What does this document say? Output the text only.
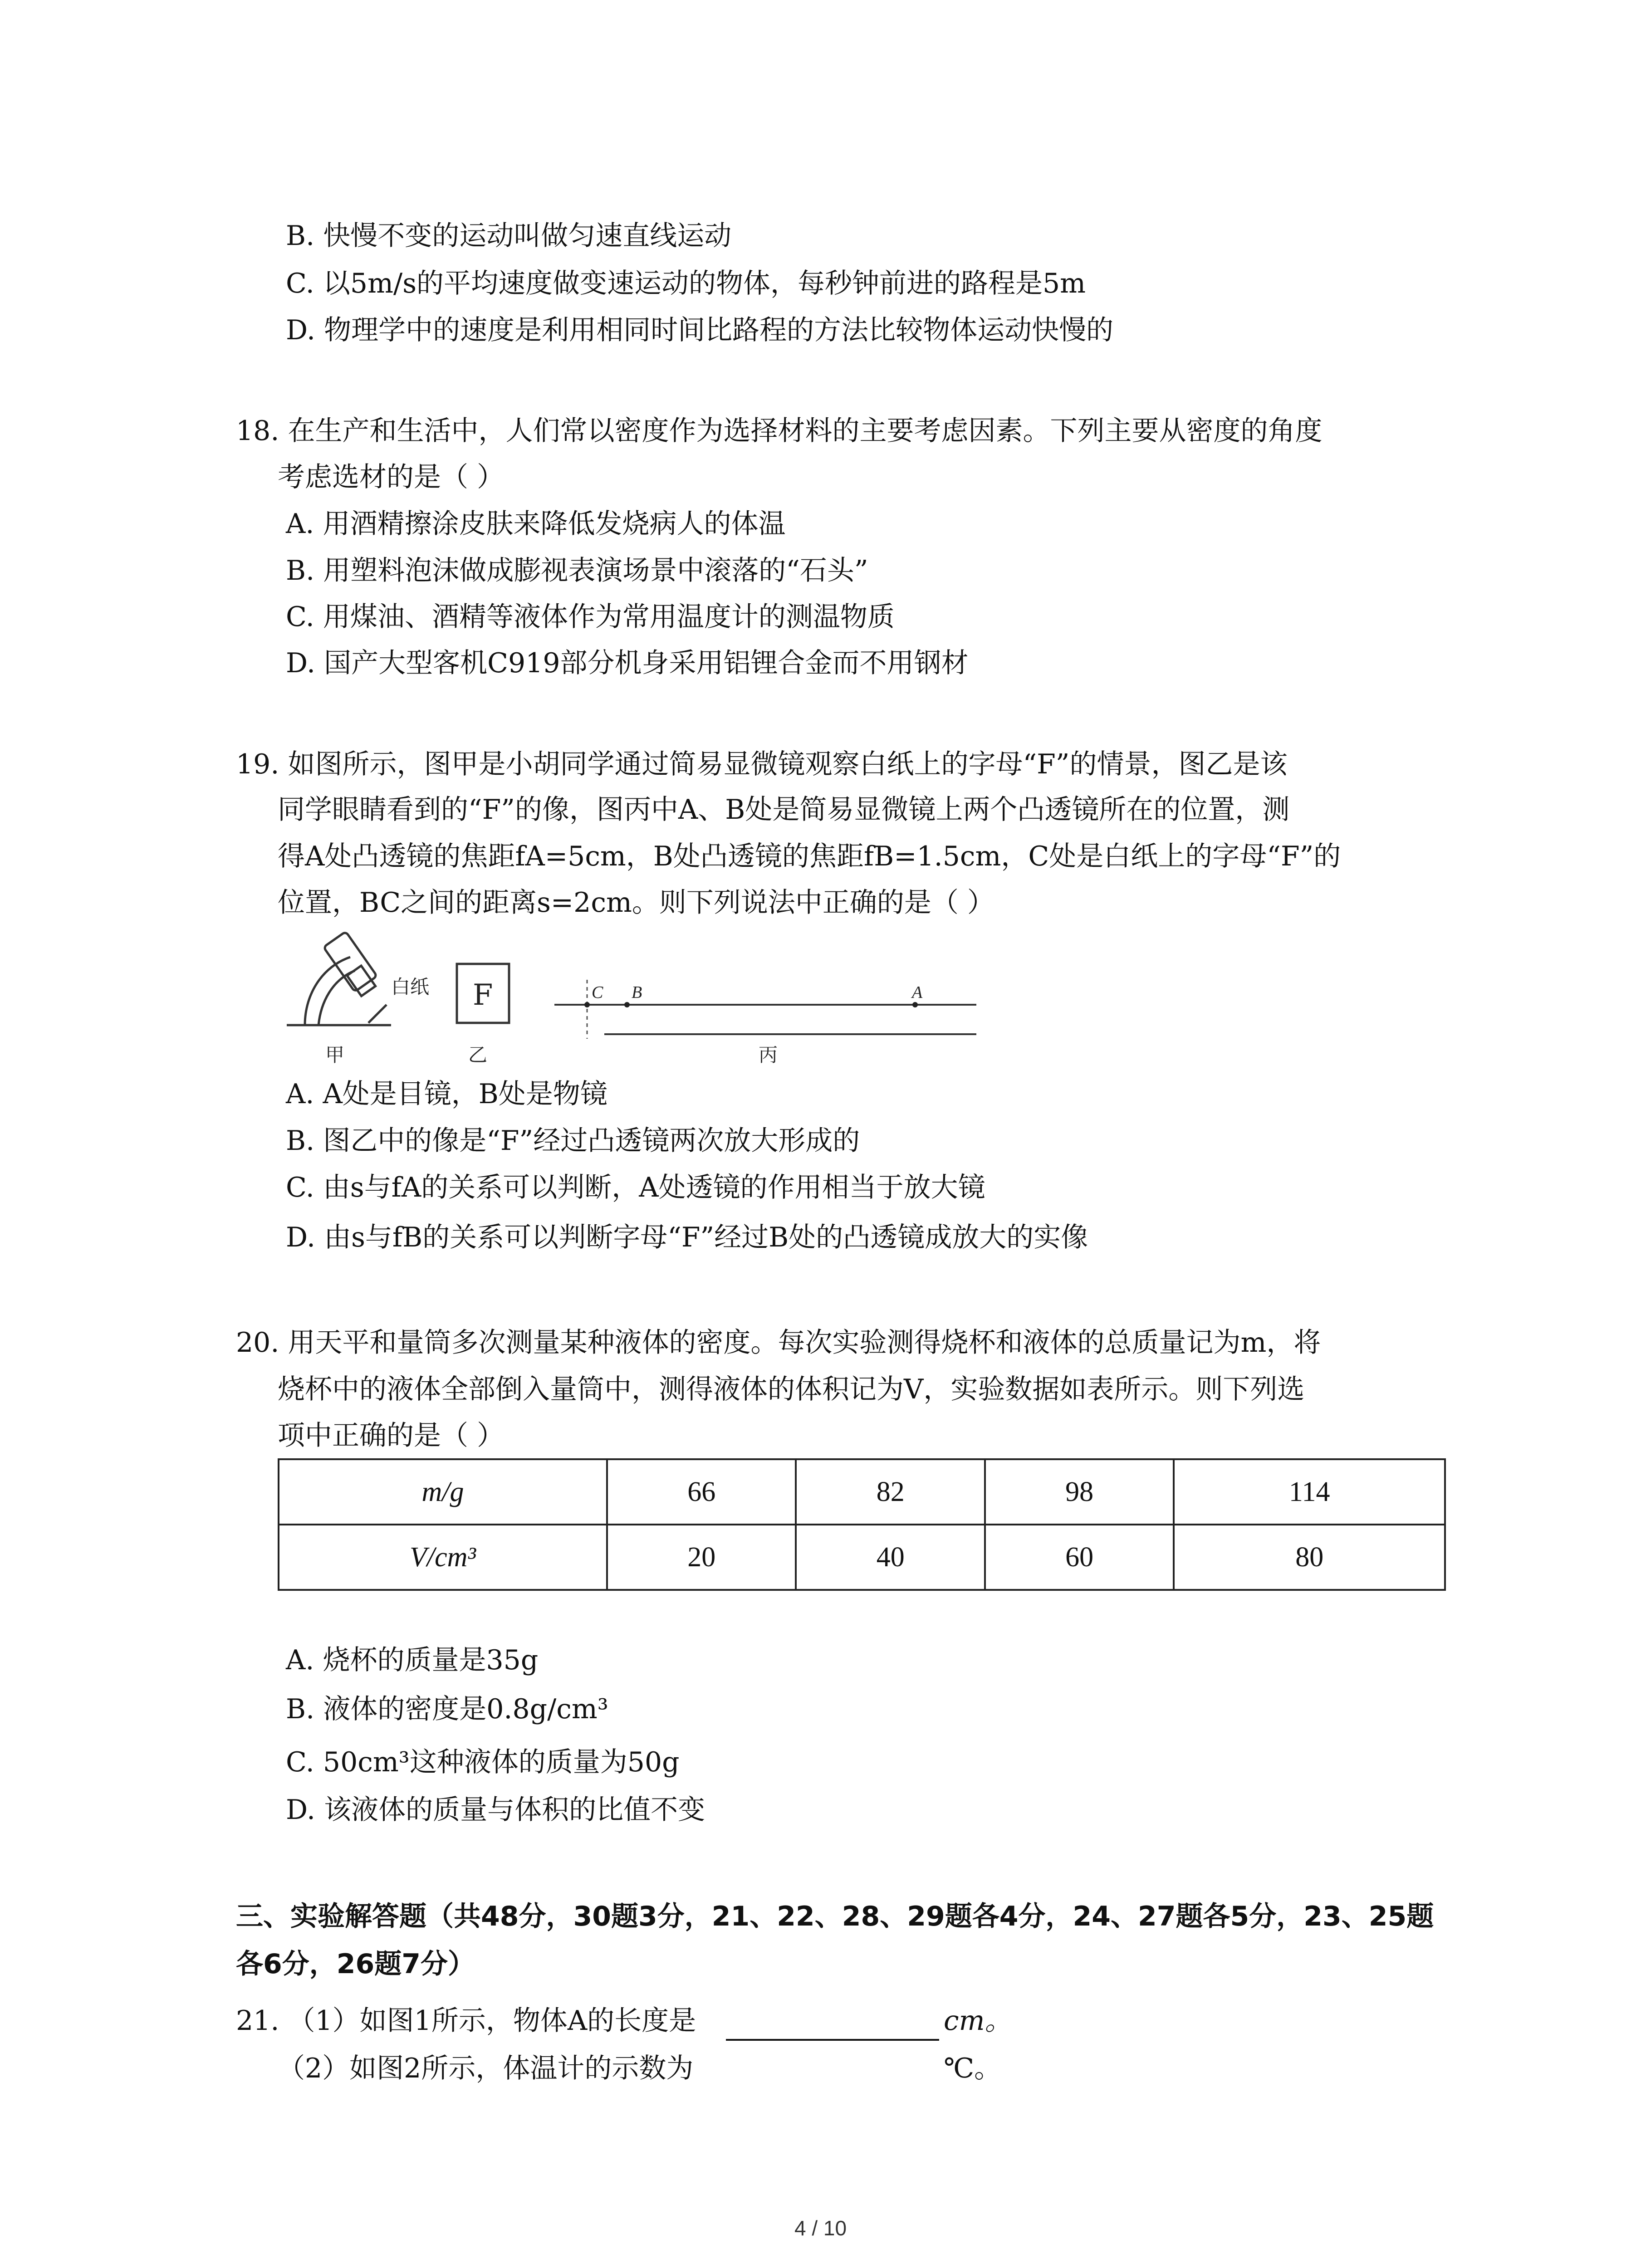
B. 快慢不变的运动叫做匀速直线运动
C. 以5m/s的平均速度做变速运动的物体，每秒钟前进的路程是5m
D. 物理学中的速度是利用相同时间比路程的方法比较物体运动快慢的
18. 在生产和生活中，人们常以密度作为选择材料的主要考虑因素。下列主要从密度的角度
考虑选材的是（ ）
A. 用酒精擦涂皮肤来降低发烧病人的体温
B. 用塑料泡沫做成膨视表演场景中滚落的“石头”
C. 用煤油、酒精等液体作为常用温度计的测温物质
D. 国产大型客机C919部分机身采用铝锂合金而不用钢材
19. 如图所示，图甲是小胡同学通过简易显微镜观察白纸上的字母“F”的情景，图乙是该
同学眼睛看到的“F”的像，图丙中A、B处是简易显微镜上两个凸透镜所在的位置，测
得A处凸透镜的焦距fA=5cm，B处凸透镜的焦距fB=1.5cm，C处是白纸上的字母“F”的
位置，BC之间的距离s=2cm。则下列说法中正确的是（ ）
白纸 F	C B	A
甲	乙	丙
A. A处是目镜，B处是物镜
B. 图乙中的像是“F”经过凸透镜两次放大形成的
C. 由s与fA的关系可以判断，A处透镜的作用相当于放大镜
D. 由s与fB的关系可以判断字母“F”经过B处的凸透镜成放大的实像
20. 用天平和量筒多次测量某种液体的密度。每次实验测得烧杯和液体的总质量记为m，将
烧杯中的液体全部倒入量筒中，测得液体的体积记为V，实验数据如表所示。则下列选
项中正确的是（ ）
m/g	66	82	98	114
V/cm³	20	40	60	80
A. 烧杯的质量是35g
B. 液体的密度是0.8g/cm³
C. 50cm³这种液体的质量为50g
D. 该液体的质量与体积的比值不变
三、实验解答题（共48分，30题3分，21、22、28、29题各4分，24、27题各5分，23、25题
各6分，26题7分）
21. （1）如图1所示，物体A的长度是	cm。
（2）如图2所示，体温计的示数为	℃。
4 / 10
